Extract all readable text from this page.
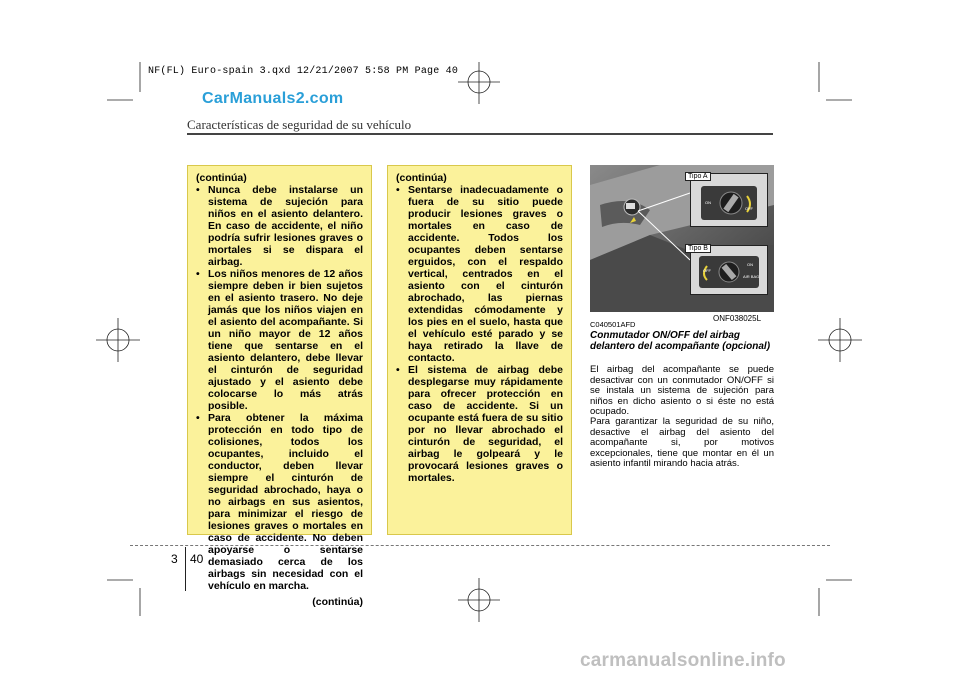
NF(FL) Euro-spain 3.qxd 12/21/2007 5:58 PM Page 40
CarManuals2.com
Características de seguridad de su vehículo
(continúa)
• Nunca debe instalarse un sistema de sujeción para niños en el asiento delantero. En caso de accidente, el niño podría sufrir lesiones graves o mortales si se dispara el airbag.
• Los niños menores de 12 años siempre deben ir bien sujetos en el asiento trasero. No deje jamás que los niños viajen en el asiento del acompañante. Si un niño mayor de 12 años tiene que sentarse en el asiento delantero, debe llevar el cinturón de seguridad ajustado y el asiento debe colocarse lo más atrás posible.
• Para obtener la máxima protección en todo tipo de colisiones, todos los ocupantes, incluido el conductor, deben llevar siempre el cinturón de seguridad abrochado, haya o no airbags en sus asientos, para minimizar el riesgo de lesiones graves o mortales en caso de accidente. No deben apoyarse o sentarse demasiado cerca de los airbags sin necesidad con el vehículo en marcha.
(continúa)
(continúa)
• Sentarse inadecuadamente o fuera de su sitio puede producir lesiones graves o mortales en caso de accidente. Todos los ocupantes deben sentarse erguidos, con el respaldo vertical, centrados en el asiento con el cinturón abrochado, las piernas extendidas cómodamente y los pies en el suelo, hasta que el vehículo esté parado y se haya retirado la llave de contacto.
• El sistema de airbag debe desplegarse muy rápidamente para ofrecer protección en caso de accidente. Si un ocupante está fuera de su sitio por no llevar abrochado el cinturón de seguridad, el airbag le golpeará y le provocará lesiones graves o mortales.
Tipo A
ON
OFF
Tipo B
OFF
ON
AIR BAG
ONF038025L
C040501AFD
Conmutador ON/OFF del airbag delantero del acompañante (opcional)
El airbag del acompañante se puede desactivar con un conmutador ON/OFF si se instala un sistema de sujeción para niños en dicho asiento o si éste no está ocupado.
Para garantizar la seguridad de su niño, desactive el airbag del asiento del acompañante si, por motivos excepcionales, tiene que montar en él un asiento infantil mirando hacia atrás.
3 40
carmanualsonline.info
